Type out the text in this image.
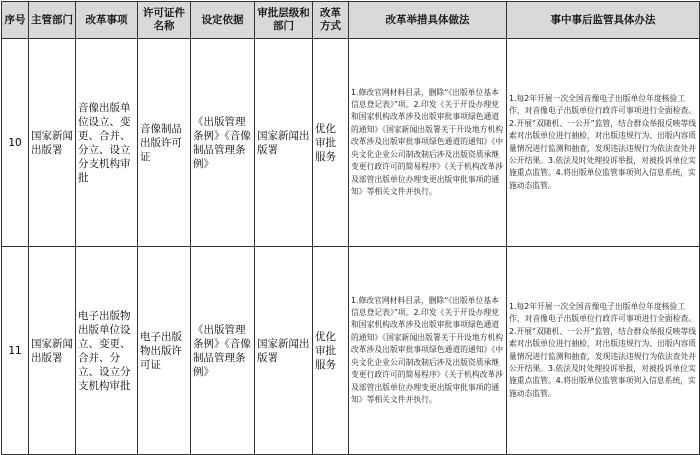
序号	主管部门	改革事项	许可证件名称	设定依据	审批层级和部门	改革方式	改革举措具体做法	事中事后监管具体办法
10	国家新闻出版署	音像出版单位设立、变更、合并、分立、设立分支机构审批	音像制品出版许可证	《出版管理条例》《音像制品管理条例》	国家新闻出版署	优化审批服务	1.修改官网材料目录，删除“《出版单位基本信息登记表》”项。2.印发《关于开设办理党和国家机构改革涉及出版审批事项绿色通道的通知》《国家新闻出版署关于开设地方机构改革涉及出版审批事项绿色通道的通知》《中央文化企业公司制改制后涉及出版资质承继变更行政许可的简易程序》《关于机构改革涉及部管出版单位办理变更出版审批事项的通知》等相关文件并执行。	1.每2年开展一次全国音像电子出版单位年度核验工作，对音像电子出版单位行政许可事项进行全面检查。2.开展“双随机、一公开”监管，结合群众举报反映等线索对出版单位进行抽检，对出版违规行为、出版内容质量情况进行监测和抽查，发现违法违规行为依法查处并公开结果。3.依法及时处理投诉举报，对被投诉单位实施重点监管。4.将出版单位监管事项列入信息系统，实施动态监管。
11	国家新闻出版署	电子出版物出版单位设立、变更、合并、分立、设立分支机构审批	电子出版物出版许可证	《出版管理条例》《音像制品管理条例》	国家新闻出版署	优化审批服务	1.修改官网材料目录，删除“《出版单位基本信息登记表》”项。2.印发《关于开设办理党和国家机构改革涉及出版审批事项绿色通道的通知》《国家新闻出版署关于开设地方机构改革涉及出版审批事项绿色通道的通知》《中央文化企业公司制改制后涉及出版资质承继变更行政许可的简易程序》《关于机构改革涉及部管出版单位办理变更出版审批事项的通知》等相关文件并执行。	1.每2年开展一次全国音像电子出版单位年度核验工作，对音像电子出版单位行政许可事项进行全面检查。2.开展“双随机、一公开”监管，结合群众举报反映等线索对出版单位进行抽检，对出版违规行为、出版内容质量情况进行监测和抽查，发现违法违规行为依法查处并公开结果。3.依法及时处理投诉举报，对被投诉单位实施重点监管。4.将出版单位监管事项列入信息系统，实施动态监管。
